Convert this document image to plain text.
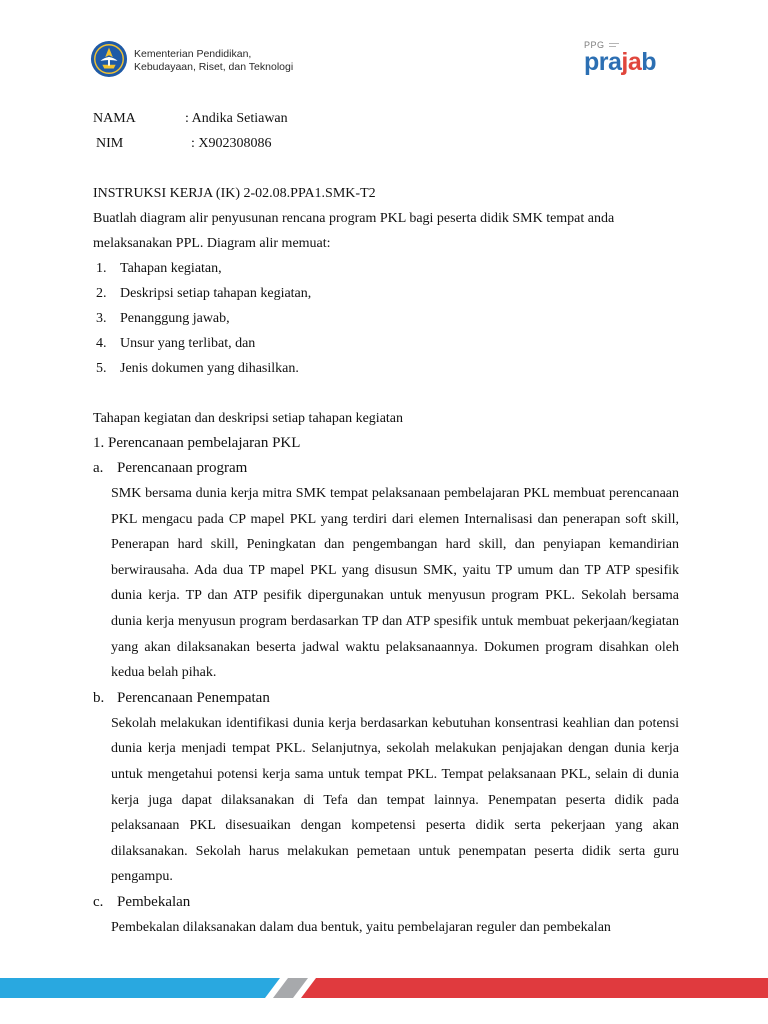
Kementerian Pendidikan,
Kebudayaan, Riset, dan Teknologi
PPG
prajab
NAMA	: Andika Setiawan
NIM	: X902308086
INSTRUKSI KERJA (IK) 2-02.08.PPA1.SMK-T2
Buatlah diagram alir penyusunan rencana program PKL bagi peserta didik SMK tempat anda
melaksanakan PPL. Diagram alir memuat:
1. Tahapan kegiatan,
2. Deskripsi setiap tahapan kegiatan,
3. Penanggung jawab,
4. Unsur yang terlibat, dan
5. Jenis dokumen yang dihasilkan.
Tahapan kegiatan dan deskripsi setiap tahapan kegiatan
1. Perencanaan pembelajaran PKL
a. Perencanaan program

SMK bersama dunia kerja mitra SMK tempat pelaksanaan pembelajaran PKL membuat perencanaan PKL mengacu pada CP mapel PKL yang terdiri dari elemen Internalisasi dan penerapan soft skill, Penerapan hard skill, Peningkatan dan pengembangan hard skill, dan penyiapan kemandirian berwirausaha. Ada dua TP mapel PKL yang disusun SMK, yaitu TP umum dan TP ATP spesifik dunia kerja. TP dan ATP pesifik dipergunakan untuk menyusun program PKL. Sekolah bersama dunia kerja menyusun program berdasarkan TP dan ATP spesifik untuk membuat pekerjaan/kegiatan yang akan dilaksanakan beserta jadwal waktu pelaksanaannya. Dokumen program disahkan oleh kedua belah pihak.

b. Perencanaan Penempatan

Sekolah melakukan identifikasi dunia kerja berdasarkan kebutuhan konsentrasi keahlian dan potensi dunia kerja menjadi tempat PKL. Selanjutnya, sekolah melakukan penjajakan dengan dunia kerja untuk mengetahui potensi kerja sama untuk tempat PKL. Tempat pelaksanaan PKL, selain di dunia kerja juga dapat dilaksanakan di Tefa dan tempat lainnya. Penempatan peserta didik pada pelaksanaan PKL disesuaikan dengan kompetensi peserta didik serta pekerjaan yang akan dilaksanakan. Sekolah harus melakukan pemetaan untuk penempatan peserta didik serta guru pengampu.

c. Pembekalan

Pembekalan dilaksanakan dalam dua bentuk, yaitu pembelajaran reguler dan pembekalan
